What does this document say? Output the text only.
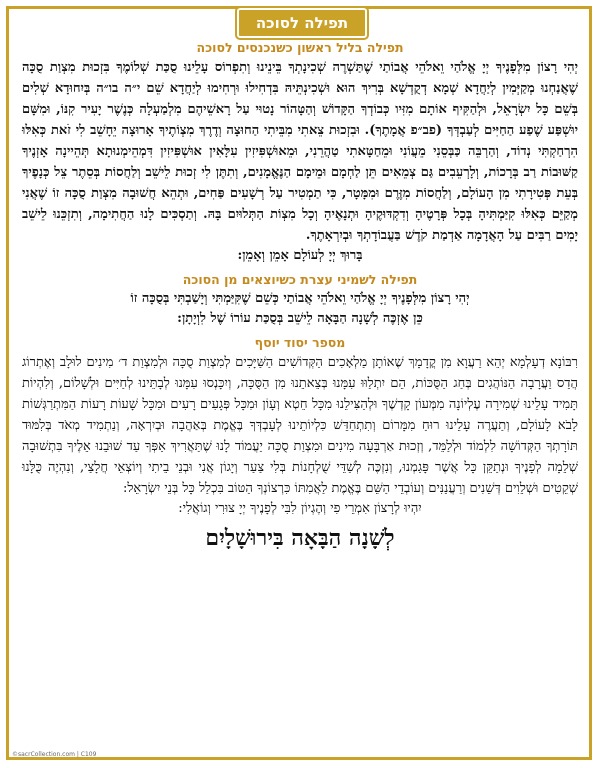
תפילה לסוכה
תפילה בליל ראשון כשנכנסים לסוכה

יְהִי רָצוֹן מִלְּפָנֶיךָ יְיָ אֱלֹהַי וֵאלֹהֵי אֲבוֹתַי שֶׁתַּשְׁרֶה שְׁכִינָתְךָ בֵּינֵינוּ וְתִפְרוֹס עָלֵינוּ סֻכַּת שְׁלוֹמֶךָ בִּזְכוּת מִצְוַת סֻכָּה שֶׁאֲנַחְנוּ מְקַיְּמִין לְיַחֲדָא שְׁמָא דְקֻדְשָׁא בְּרִיךְ הוּא וּשְׁכִינְתֵּיהּ בִּדְחִילוּ וּרְחִימוּ לְיַחֲדָא שֵׁם י״ה בו״ה בְּיִחוּדָא שְׁלִים בְּשֵׁם כָּל יִשְׂרָאֵל, וּלְהַקִּיף אוֹתָם מִזִּיו כְּבוֹדְךָ הַקָּדוֹשׁ וְהַטָּהוֹר נָטוּי עַל רָאשֵׁיהֶם מִלְמַעְלָה כְּנֶשֶׁר יָעִיר קִנּוֹ, וּמִשָּׁם יוּשְׁפַּע שֶׁפַע הַחַיִּים לְעַבְדְּךָ (פב״פ אֲמָתֶךָ). וּבִזְכוּת צֵאתִי מִבֵּיתִי הַחוּצָה וְדֶרֶךְ מִצְוֹתֶיךָ אָרוּצָה יֵחָשֵׁב לִי זֹאת כְּאִלּוּ הִרְחַקְתִּי נְדוֹד, וְהַרְבֵּה כַּבְּסֵנִי מֵעֲוֹנִי וּמֵחַטָּאתִי טַהֲרֵנִי, וּמֵאוּשְׁפִּיזִין עִלָּאִין אוּשְׁפִּיזִין דִּמְהֵימְנוּתָא תְּהֵיינָה אָזְנֶיךָ קַשּׁוּבוֹת רַב בְּרָכוֹת, וְלָרְעֵבִים גַּם צְמֵאִים תֵּן לַחְמָם וּמֵימָם הַנֶּאֱמָנִים, וְתִתֶּן לִי זְכוּת לֵישֵׁב וְלַחֲסוֹת בְּסֵתֶר צֵל כְּנָפֶיךָ בְּעֵת פְּטִירָתִי מִן הָעוֹלָם, וְלַחֲסוֹת מִזֶּרֶם וּמִמָּטָר, כִּי תַמְטִיר עַל רְשָׁעִים פַּחִים, וּתְהֵא חֲשׁוּבָה מִצְוַת סֻכָּה זוֹ שֶׁאֲנִי מְקַיֵּם כְּאִלּוּ קִיַּמְתִּיהָ בְּכָל פְּרָטֶיהָ וְדִקְדּוּקֶיהָ וּתְנָאֶיהָ וְכָל מִצְוֹת הַתְּלוּיִם בָּהּ. וְתַסְכִּים לָנוּ הַחֲתִימָה, וְתִזְכֵּנוּ לֵישֵׁב יָמִים רַבִּים עַל הָאֲדָמָה אַדְמַת קֹדֶשׁ בַּעֲבוֹדָתְךָ וּבְיִרְאָתֶךָ.

בָּרוּךְ יְיָ לְעוֹלָם אָמֵן וְאָמֵן:

תפילה לשמיני עצרת כשיוצאים מן הסוכה

יְהִי רָצוֹן מִלְּפָנֶיךָ יְיָ אֱלֹהַי וֵאלֹהֵי אֲבוֹתַי כְּשֵׁם שֶׁקִּיַּמְתִּי וְיָשַׁבְתִּי בְּסֻכָּה זוֹ

כֵּן אֶזְכֶּה לְשָׁנָה הַבָּאָה לֵישֵׁב בְּסֻכַּת עוֹרוֹ שֶׁל לִוְיָתָן:

מספר יסוד יוסף

רִבּוֹנָא דְעָלְמָא יְהֵא רַעֲוָא מִן קֳדָמָךְ שֶׁאוֹתָן מַלְאָכִים הַקְּדוֹשִׁים הַשַּׁיָּכִים לְמִצְוַת סֻכָּה וּלְמִצְוַת ד׳ מִינִים לוּלָב וְאֶתְרוֹג הֲדַס וַעֲרָבָה הַנּוֹהֲגִים בְּחַג הַסֻּכּוֹת, הֵם יִתְלַוּוּ עִמָּנוּ בְּצֵאתֵנוּ מִן הַסֻּכָּה, וְיִכָּנְסוּ עִמָּנוּ לְבָתֵּינוּ לְחַיִּים וּלְשָׁלוֹם, וְלִהְיוֹת תָּמִיד עָלֵינוּ שְׁמִירָה עֶלְיוֹנָה מִמְּעוֹן קָדְשֶׁךָ וּלְהַצִּילֵנוּ מִכָּל חֵטְא וְעָוֹן וּמִכָּל פְּגָעִים רָעִים וּמִכָּל שָׁעוֹת רָעוֹת הַמִּתְרַגְּשׁוֹת לָבֹא לָעוֹלָם, וְתַעֲרֶה עָלֵינוּ רוּחַ מִמָּרוֹם וְתִתְחַדֵּשׁ כִּלְיוֹתֵינוּ לְעָבְדְּךָ בֶּאֱמֶת בְּאַהֲבָה וּבְיִרְאָה, וְנַתְמִיד מְאֹד בְּלִמּוּד תּוֹרָתְךָ הַקְּדוֹשָׁה לִלְמוֹד וּלְלַמֵּד, וְזְכוּת אַרְבָּעָה מִינִים וּמִצְוַת סֻכָּה יַעֲמוֹד לָנוּ שֶׁתַּאֲרִיךְ אַפְּךָ עַד שׁוּבֵנוּ אֵלֶיךָ בִּתְשׁוּבָה שְׁלֵמָה לְפָנֶיךָ וּנְתַקֵּן כָּל אֲשֶׁר פָּגַמְנוּ, וְנִזְכֶּה לְשַׁדֵּי שֻׁלְחָנוֹת בְּלִי צַעַר וְיָגוֹן אֲנִי וּבְנֵי בֵיתִי וְיוֹצְאֵי חֲלָצַי, וְנִהְיֶה כֻּלָּנוּ שְׁקֵטִים וּשְׁלֵוִים דְּשֵׁנִים וְרַעֲנַנִּים וְעוֹבְדֵי הַשֵּׁם בֶּאֱמֶת לַאֲמִתּוֹ כִּרְצוֹנְךָ הַטּוֹב בִּכְלַל כָּל בְּנֵי יִשְׂרָאֵל:

יִהְיוּ לְרָצוֹן אִמְרֵי פִי וְהֶגְיוֹן לִבִּי לְפָנֶיךָ יְיָ צוּרִי וְגוֹאֲלִי:

לְשָׁנָה הַבָּאָה בִּירוּשָׁלָיִם
©sacrCollection.com | C109
